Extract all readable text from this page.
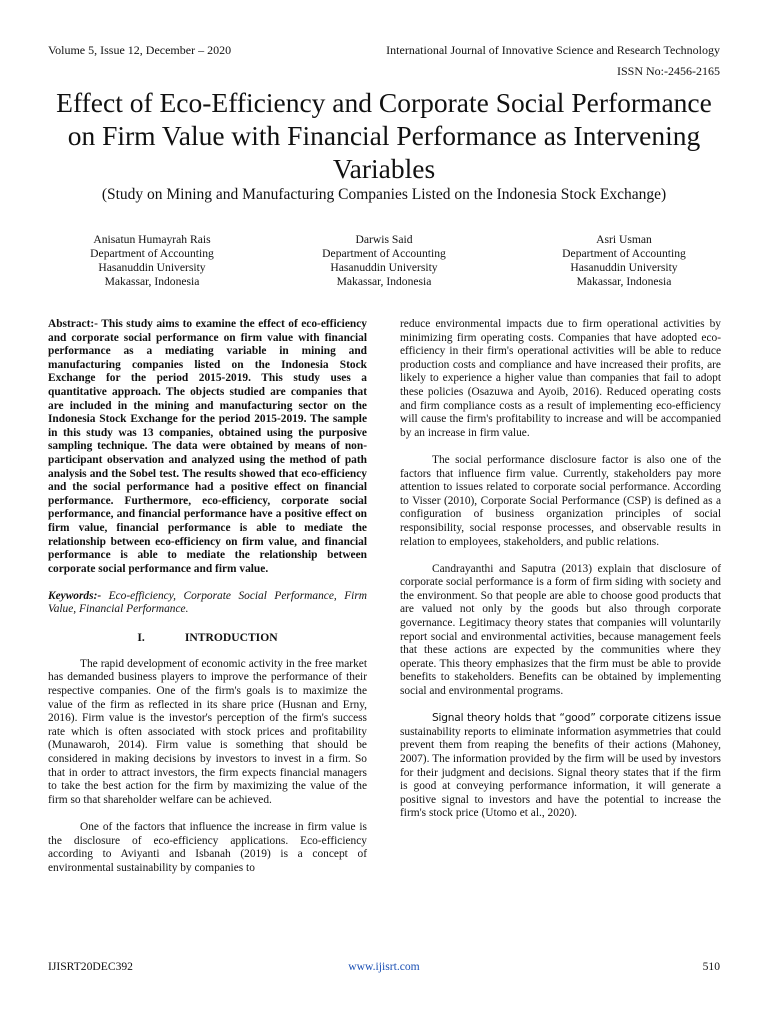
Volume 5, Issue 12, December – 2020	International Journal of Innovative Science and Research Technology
ISSN No:-2456-2165
Effect of Eco-Efficiency and Corporate Social Performance on Firm Value with Financial Performance as Intervening Variables
(Study on Mining and Manufacturing Companies Listed on the Indonesia Stock Exchange)
Anisatun Humayrah Rais
Department of Accounting
Hasanuddin University
Makassar, Indonesia
Darwis Said
Department of Accounting
Hasanuddin University
Makassar, Indonesia
Asri Usman
Department of Accounting
Hasanuddin University
Makassar, Indonesia

Abstract:- This study aims to examine the effect of eco-efficiency and corporate social performance on firm value with financial performance as a mediating variable in mining and manufacturing companies listed on the Indonesia Stock Exchange for the period 2015-2019. This study uses a quantitative approach. The objects studied are companies that are included in the mining and manufacturing sector on the Indonesia Stock Exchange for the period 2015-2019. The sample in this study was 13 companies, obtained using the purposive sampling technique. The data were obtained by means of non-participant observation and analyzed using the method of path analysis and the Sobel test. The results showed that eco-efficiency and the social performance had a positive effect on financial performance. Furthermore, eco-efficiency, corporate social performance, and financial performance have a positive effect on firm value, financial performance is able to mediate the relationship between eco-efficiency on firm value, and financial performance is able to mediate the relationship between corporate social performance and firm value.

Keywords:- Eco-efficiency, Corporate Social Performance, Firm Value, Financial Performance.

I.	INTRODUCTION

The rapid development of economic activity in the free market has demanded business players to improve the performance of their respective companies. One of the firm's goals is to maximize the value of the firm as reflected in its share price (Husnan and Erny, 2016). Firm value is the investor's perception of the firm's success rate which is often associated with stock prices and profitability (Munawaroh, 2014). Firm value is something that should be considered in making decisions by investors to invest in a firm. So that in order to attract investors, the firm expects financial managers to take the best action for the firm by maximizing the value of the firm so that shareholder welfare can be achieved.

One of the factors that influence the increase in firm value is the disclosure of eco-efficiency applications. Eco-efficiency according to Aviyanti and Isbanah (2019) is a concept of environmental sustainability by companies to

reduce environmental impacts due to firm operational activities by minimizing firm operating costs. Companies that have adopted eco-efficiency in their firm's operational activities will be able to reduce production costs and compliance and have increased their profits, are likely to experience a higher value than companies that fail to adopt these policies (Osazuwa and Ayoib, 2016). Reduced operating costs and firm compliance costs as a result of implementing eco-efficiency will cause the firm's profitability to increase and will be accompanied by an increase in firm value.

The social performance disclosure factor is also one of the factors that influence firm value. Currently, stakeholders pay more attention to issues related to corporate social performance. According to Visser (2010), Corporate Social Performance (CSP) is defined as a configuration of business organization principles of social responsibility, social response processes, and observable results in relation to employees, stakeholders, and public relations.

Candrayanthi and Saputra (2013) explain that disclosure of corporate social performance is a form of firm siding with society and the environment. So that people are able to choose good products that are valued not only by the goods but also through corporate governance. Legitimacy theory states that companies will voluntarily report social and environmental activities, because management feels that these actions are expected by the communities where they operate. This theory emphasizes that the firm must be able to provide benefits to stakeholders. Benefits can be obtained by implementing social and environmental programs.

Signal theory holds that “good” corporate citizens issue sustainability reports to eliminate information asymmetries that could prevent them from reaping the benefits of their actions (Mahoney, 2007). The information provided by the firm will be used by investors for their judgment and decisions. Signal theory states that if the firm is good at conveying performance information, it will generate a positive signal to investors and have the potential to increase the firm's stock price (Utomo et al., 2020).

IJISRT20DEC392	www.ijisrt.com	510
